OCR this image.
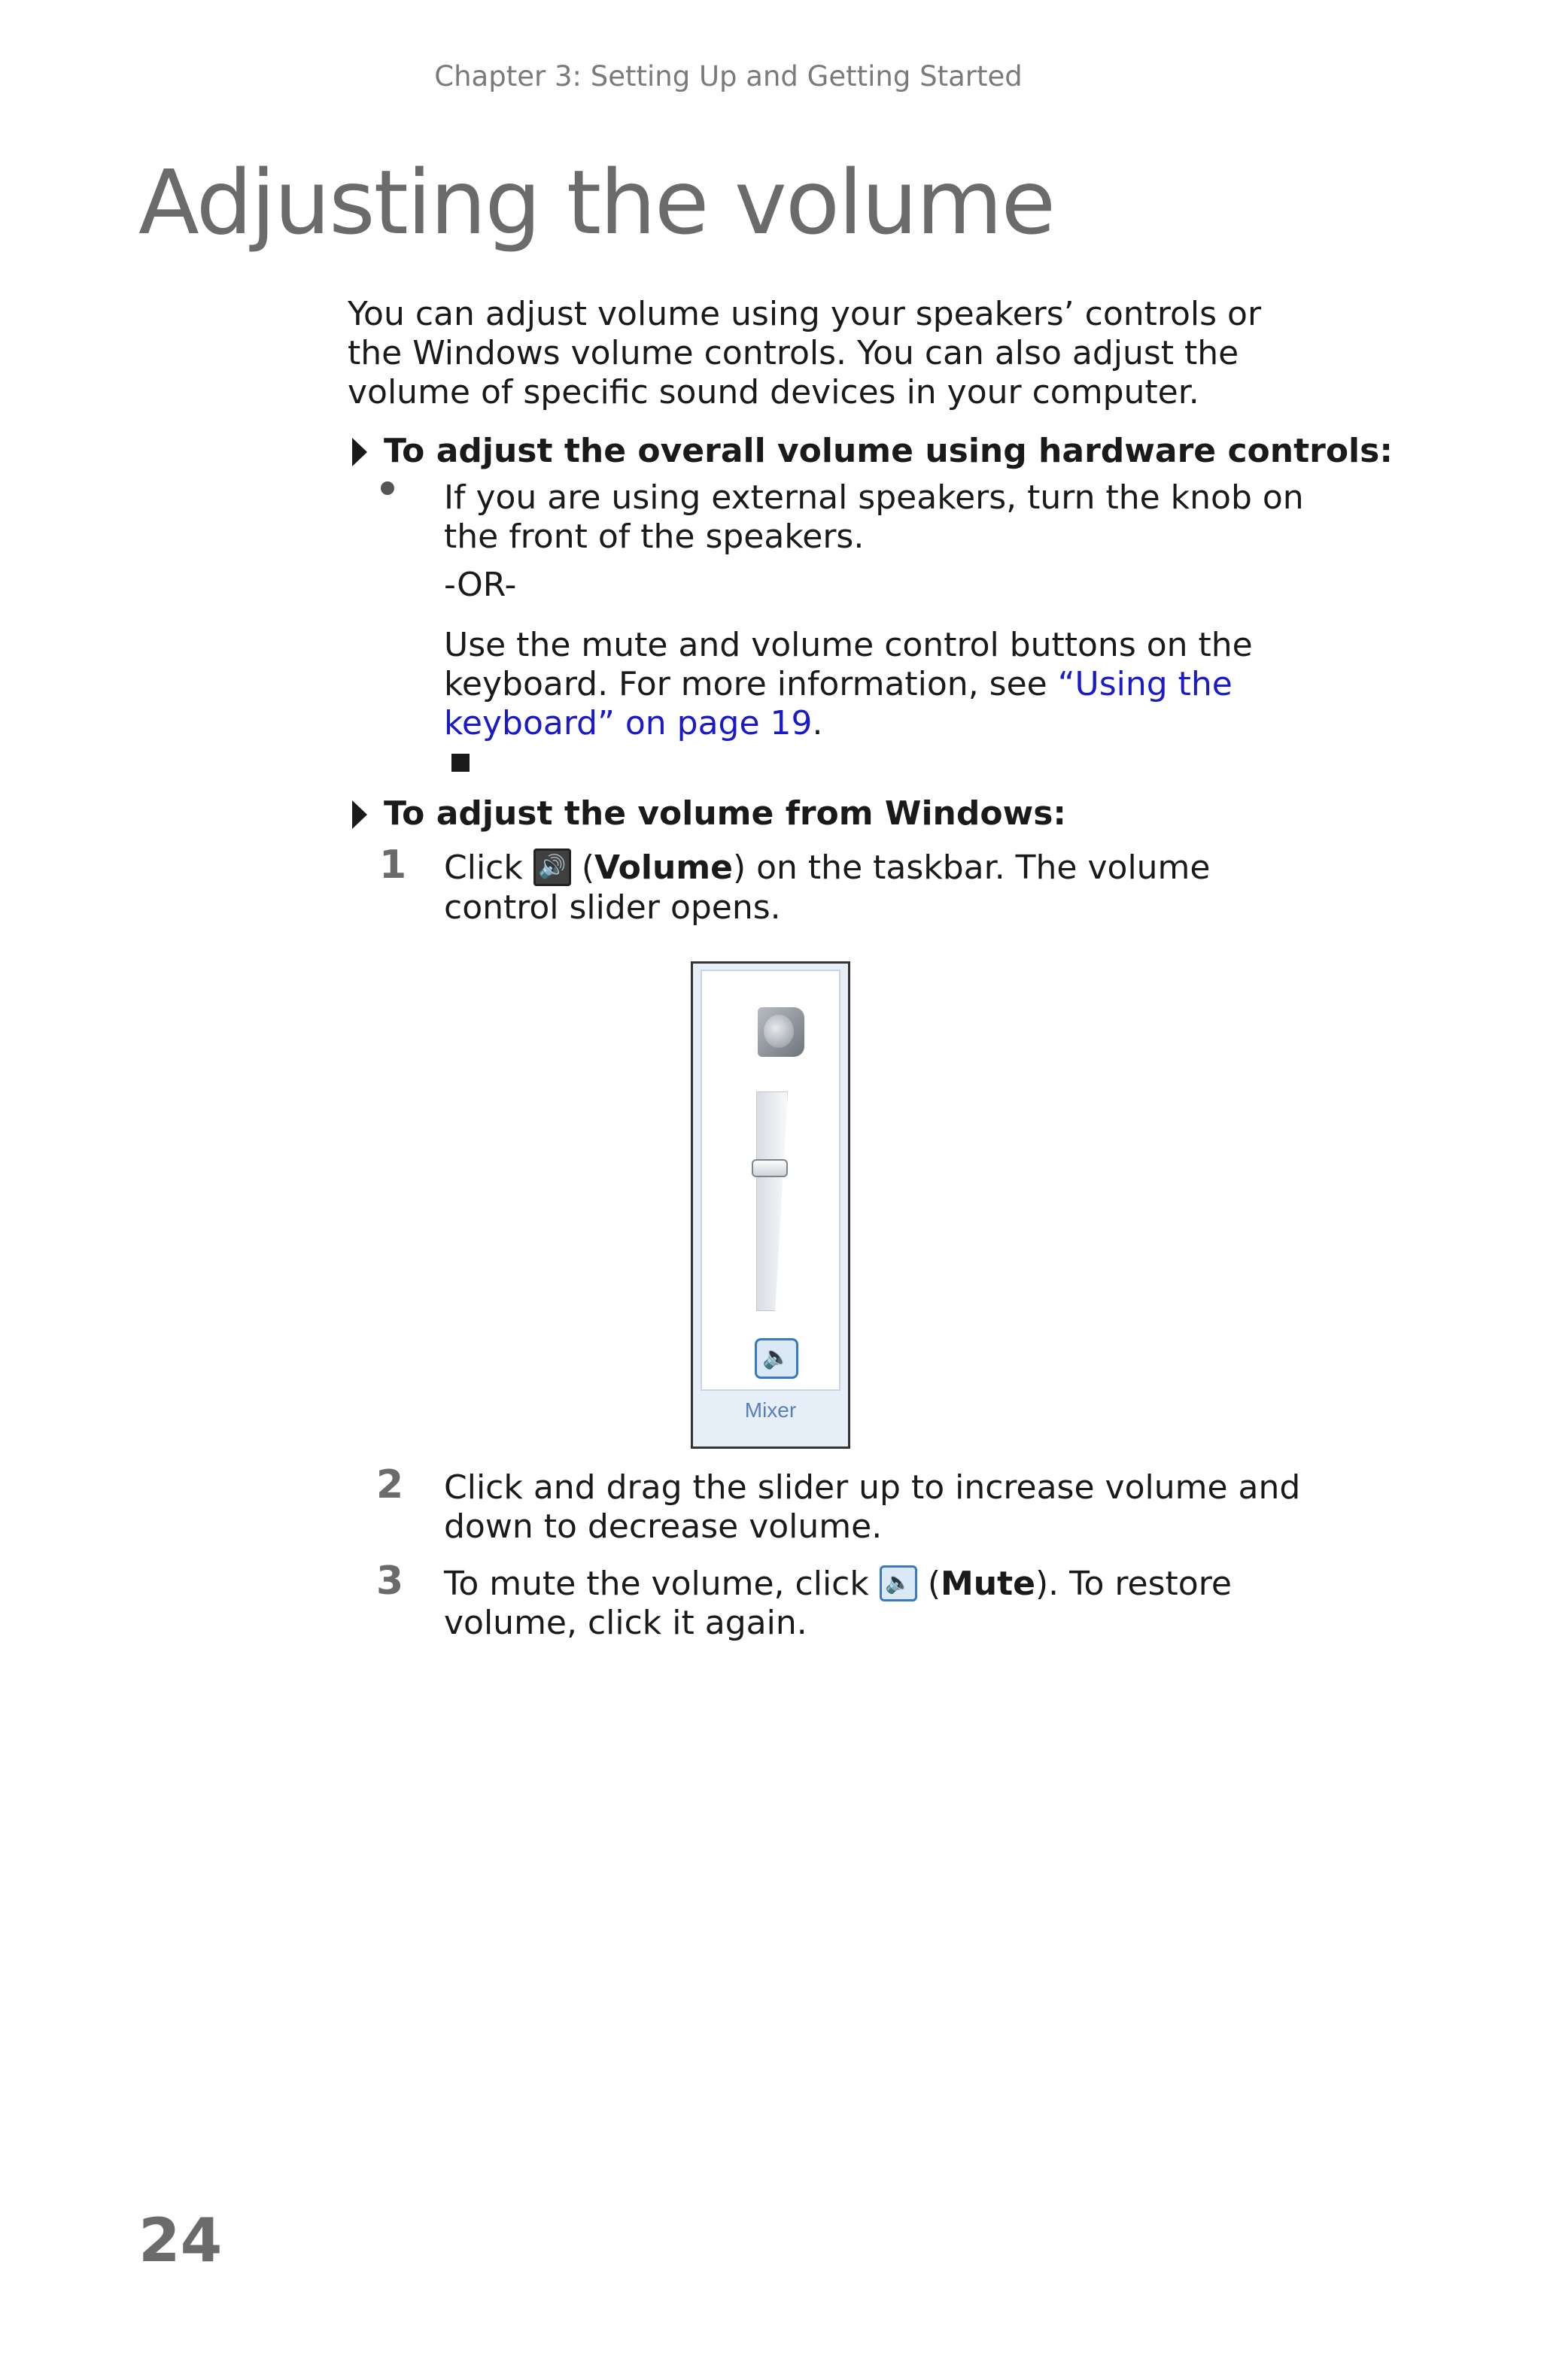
Chapter 3: Setting Up and Getting Started
Adjusting the volume
You can adjust volume using your speakers’ controls or the Windows volume controls. You can also adjust the volume of specific sound devices in your computer.
To adjust the overall volume using hardware controls:
If you are using external speakers, turn the knob on the front of the speakers.
-OR-
Use the mute and volume control buttons on the keyboard. For more information, see “Using the keyboard” on page 19.
To adjust the volume from Windows:
1 Click 🔊 (Volume) on the taskbar. The volume control slider opens.
🔈
Mixer
2 Click and drag the slider up to increase volume and down to decrease volume.
3 To mute the volume, click 🔈 (Mute). To restore volume, click it again.
24
